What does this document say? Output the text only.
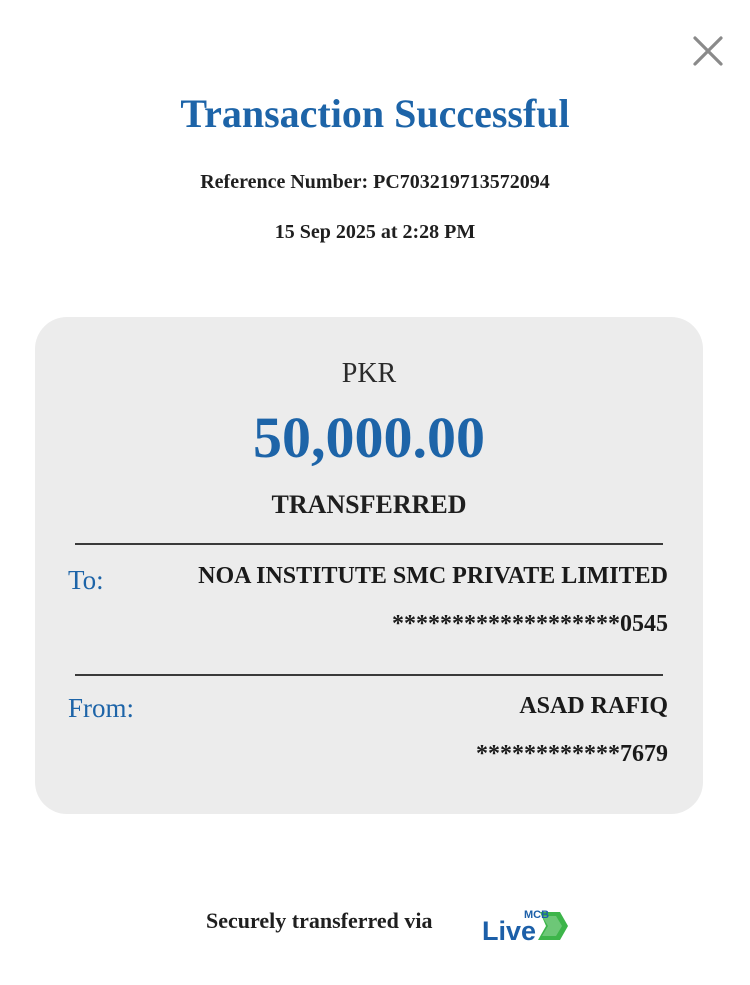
Transaction Successful
Reference Number: PC703219713572094
15 Sep 2025 at 2:28 PM
PKR
50,000.00
TRANSFERRED
To:	NOA INSTITUTE SMC PRIVATE LIMITED
*******************0545
From:	ASAD RAFIQ
************7679
Securely transferred via	MCB
Live
